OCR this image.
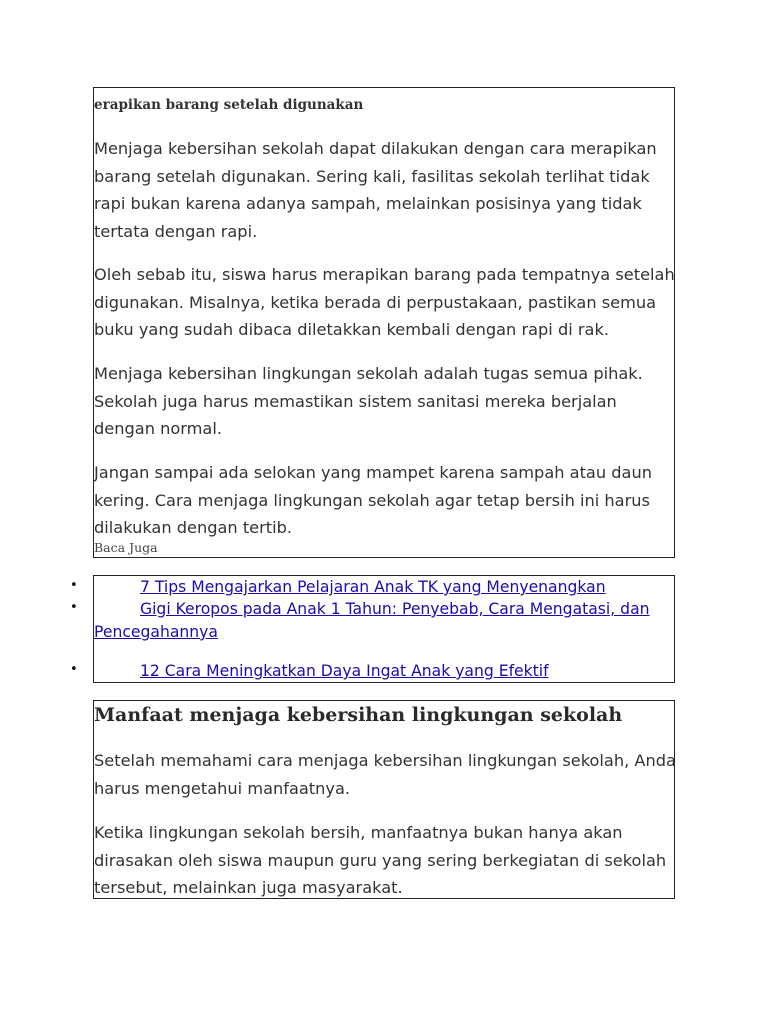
erapikan barang setelah digunakan

Menjaga kebersihan sekolah dapat dilakukan dengan cara merapikan barang setelah digunakan. Sering kali, fasilitas sekolah terlihat tidak rapi bukan karena adanya sampah, melainkan posisinya yang tidak tertata dengan rapi.

Oleh sebab itu, siswa harus merapikan barang pada tempatnya setelah digunakan. Misalnya, ketika berada di perpustakaan, pastikan semua buku yang sudah dibaca diletakkan kembali dengan rapi di rak.

Menjaga kebersihan lingkungan sekolah adalah tugas semua pihak. Sekolah juga harus memastikan sistem sanitasi mereka berjalan dengan normal.

Jangan sampai ada selokan yang mampet karena sampah atau daun kering. Cara menjaga lingkungan sekolah agar tetap bersih ini harus dilakukan dengan tertib.

Baca Juga
•	7 Tips Mengajarkan Pelajaran Anak TK yang Menyenangkan
•	Gigi Keropos pada Anak 1 Tahun: Penyebab, Cara Mengatasi, dan
Pencegahannya
•	12 Cara Meningkatkan Daya Ingat Anak yang Efektif
Manfaat menjaga kebersihan lingkungan sekolah

Setelah memahami cara menjaga kebersihan lingkungan sekolah, Anda harus mengetahui manfaatnya.

Ketika lingkungan sekolah bersih, manfaatnya bukan hanya akan dirasakan oleh siswa maupun guru yang sering berkegiatan di sekolah tersebut, melainkan juga masyarakat.
